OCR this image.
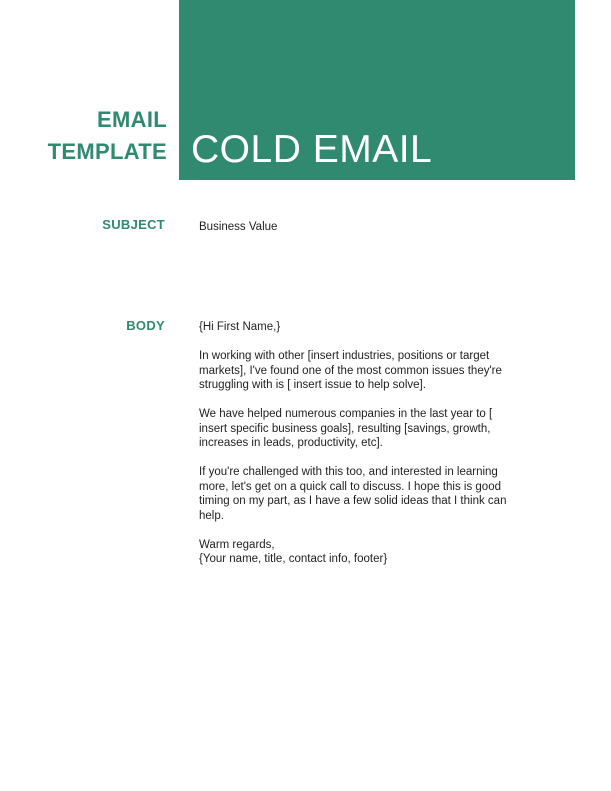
COLD EMAIL
EMAIL
TEMPLATE
SUBJECT	Business Value
BODY	{Hi First Name,}

In working with other [insert industries, positions or target
markets], I've found one of the most common issues they're
struggling with is [ insert issue to help solve].

We have helped numerous companies in the last year to [
insert specific business goals], resulting [savings, growth,
increases in leads, productivity, etc].

If you're challenged with this too, and interested in learning
more, let's get on a quick call to discuss. I hope this is good
timing on my part, as I have a few solid ideas that I think can
help.

Warm regards,

{Your name, title, contact info, footer}
